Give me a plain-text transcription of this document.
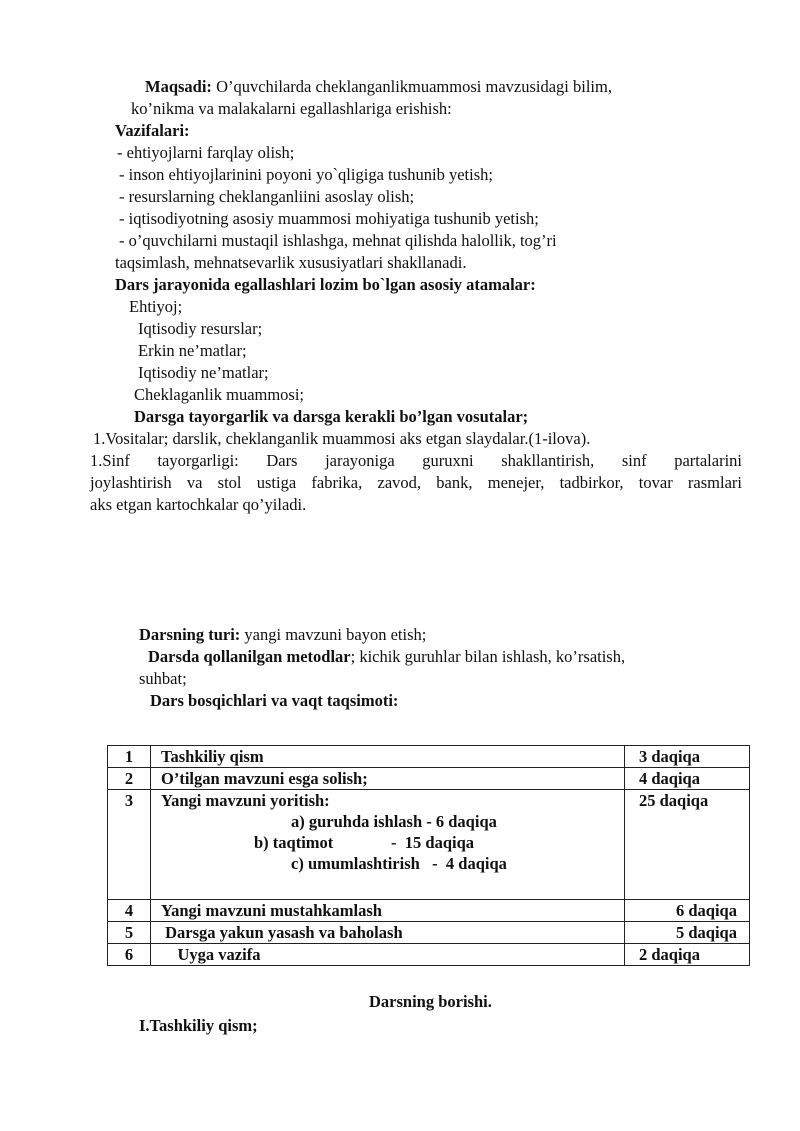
Maqsadi: O’quvchilarda cheklanganlikmuammosi mavzusidagi bilim,
ko’nikma va malakalarni egallashlariga erishish:
Vazifalari:
- ehtiyojlarni farqlay olish;
- inson ehtiyojlarinini poyoni yo`qligiga tushunib yetish;
- resurslarning cheklanganliini asoslay olish;
- iqtisodiyotning asosiy muammosi mohiyatiga tushunib yetish;
- o’quvchilarni mustaqil ishlashga, mehnat qilishda halollik, tog’ri
taqsimlash, mehnatsevarlik xususiyatlari shakllanadi.
Dars jarayonida egallashlari lozim bo`lgan asosiy atamalar:
Ehtiyoj;
Iqtisodiy resurslar;
Erkin ne’matlar;
Iqtisodiy ne’matlar;
Cheklaganlik muammosi;
Darsga tayorgarlik va darsga kerakli bo’lgan vosutalar;
1.Vositalar; darslik, cheklanganlik muammosi aks etgan slaydalar.(1-ilova).
1.Sinf tayorgarligi: Dars jarayoniga guruxni shakllantirish, sinf partalarini
joylashtirish va stol ustiga fabrika, zavod, bank, menejer, tadbirkor, tovar rasmlari
aks etgan kartochkalar qo’yiladi.
Darsning turi: yangi mavzuni bayon etish;
Darsda qollanilgan metodlar; kichik guruhlar bilan ishlash, ko’rsatish,
suhbat;
Dars bosqichlari va vaqt taqsimoti:
1	Tashkiliy qism	3 daqiqa
2	O’tilgan mavzuni esga solish;	4 daqiqa
3	Yangi mavzuni yoritish:
a) guruhda ishlash - 6 daqiqa
b) taqtimot              -  15 daqiqa
c) umumlashtirish   -  4 daqiqa	25 daqiqa
4	Yangi mavzuni mustahkamlash	6 daqiqa
5	Darsga yakun yasash va baholash	5 daqiqa
6	Uyga vazifa	2 daqiqa
Darsning borishi.
I.Tashkiliy qism;
